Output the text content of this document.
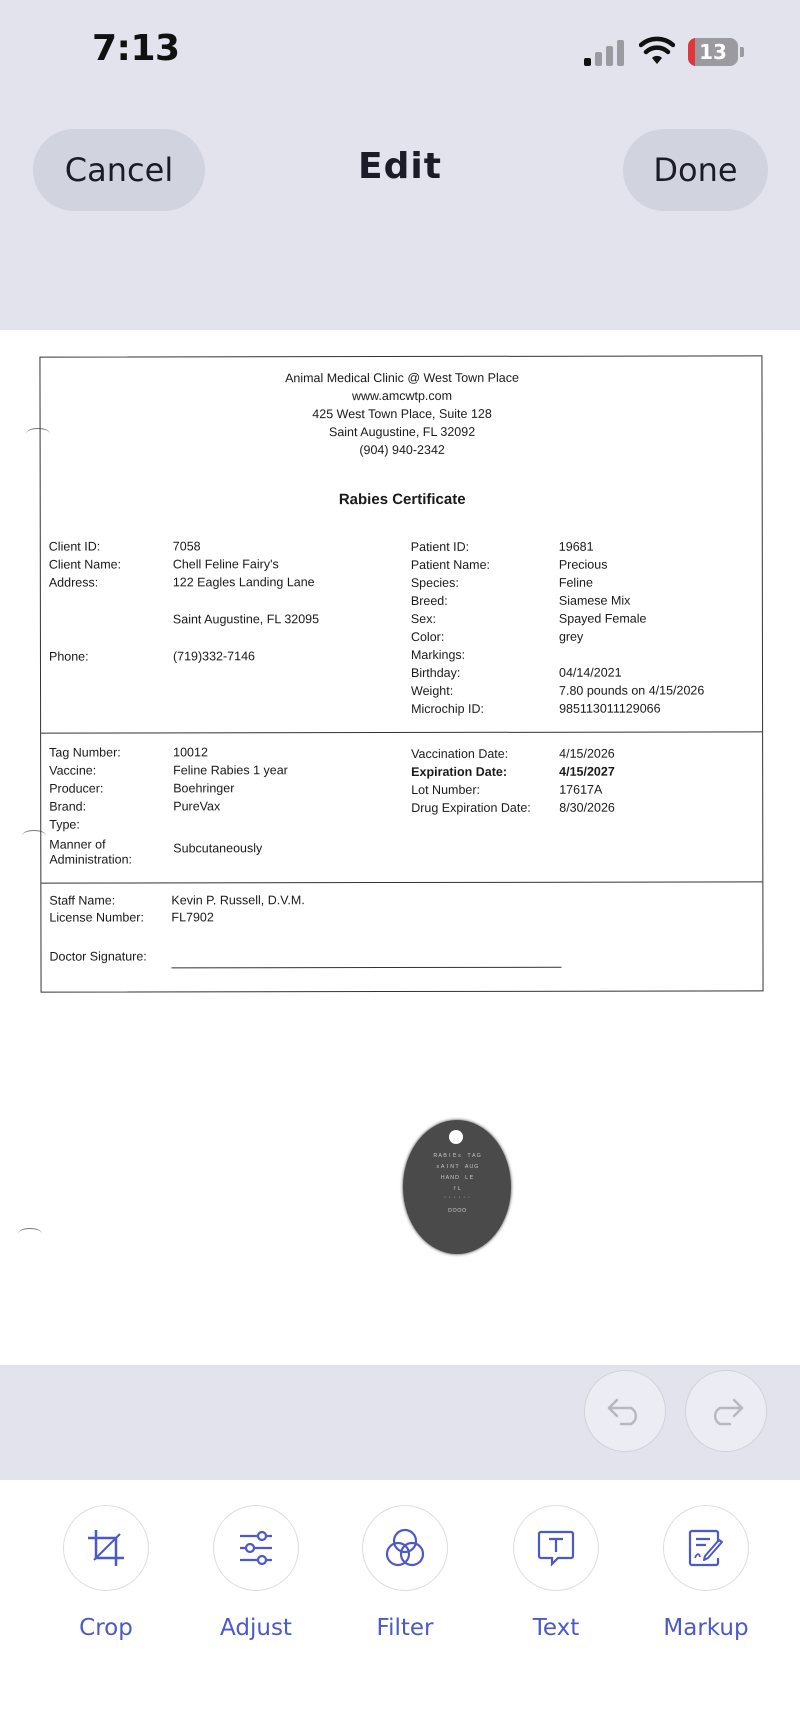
7:13	13
Cancel	Edit	Done
Animal Medical Clinic @ West Town Place
www.amcwtp.com
425 West Town Place, Suite 128
Saint Augustine, FL 32092
(904) 940-2342
Rabies Certificate
Client ID:	7058
Client Name:	Chell Feline Fairy's
Address:	122 Eagles Landing Lane
Saint Augustine, FL 32095
Phone:	(719)332-7146
Patient ID:	19681
Patient Name:	Precious
Species:	Feline
Breed:	Siamese Mix
Sex:	Spayed Female
Color:	grey
Markings:
Birthday:	04/14/2021
Weight:	7.80 pounds on 4/15/2026
Microchip ID:	985113011129066
Tag Number:	10012
Vaccine:	Feline Rabies 1 year
Producer:	Boehringer
Brand:	PureVax
Type:
Manner of
Administration:
Subcutaneously
Vaccination Date:	4/15/2026
Expiration Date:	4/15/2027
Lot Number:	17617A
Drug Expiration Date: 8/30/2026
Staff Name:	Kevin P. Russell, D.V.M.
License Number: FL7902
Doctor Signature:
ᴿᴬᴮᴵᴱˢ ᵀᴬᴳ
ˢᴬᴵᴺᵀ ᴬᵁᴳ
ᴴᴬᴺᴰ ᴸᴱ
ᶠᴸ
˙˙˙˙˙˙
ᴼᴼᴼᴼ
Crop	Adjust	Filter	Text	Markup
